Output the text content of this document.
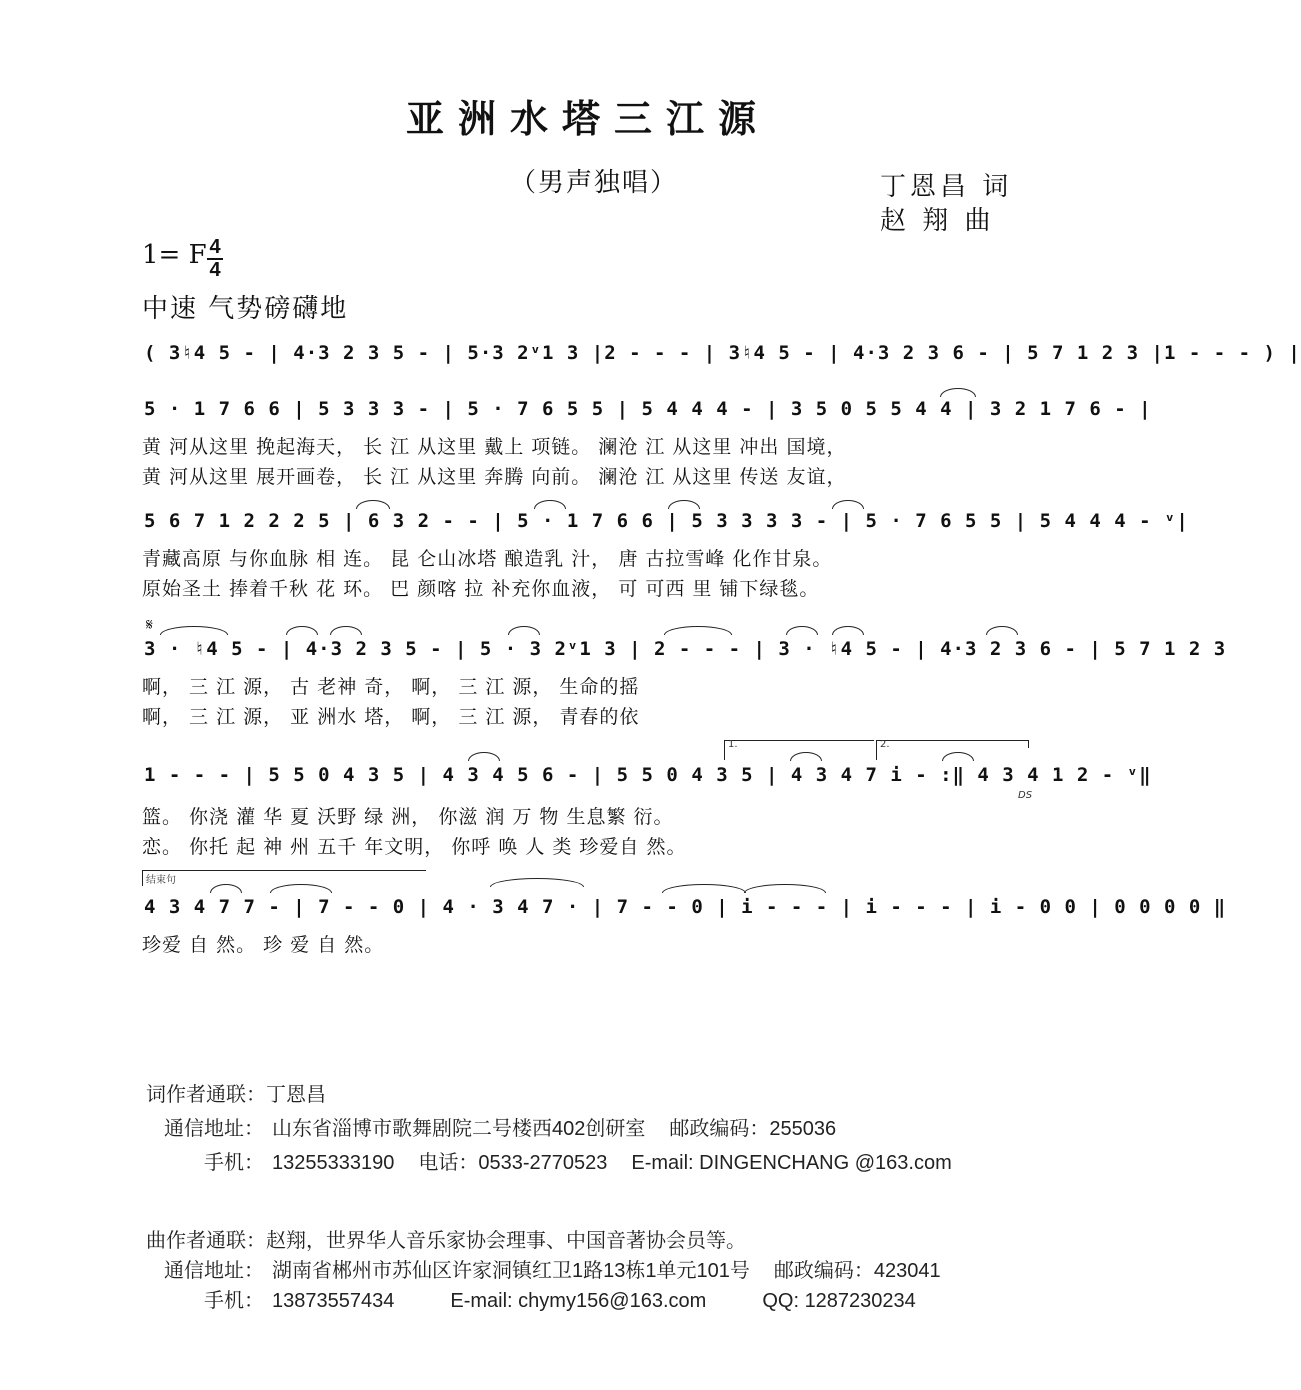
亚洲水塔三江源
（男声独唱）	丁恩昌 词
赵 翔 曲
1= F 4
4
中速 气势磅礴地
( 3♮4 5 - | 4·3 2 3 5 - | 5·3 2ᵛ1 3 |2 - - - | 3♮4 5 - | 4·3 2 3 6 - | 5 7 1 2 3 |1 - - - ) |
5 · 1 7 6 6 | 5 3 3 3 - | 5 · 7 6 5 5 | 5 4 4 4 - | 3 5 0 5 5 4 4 | 3 2 1 7 6 - |
黄 河从这里 挽起海天， 长 江 从这里 戴上 项链。 澜沧 江 从这里 冲出 国境，
黄 河从这里 展开画卷， 长 江 从这里 奔腾 向前。 澜沧 江 从这里 传送 友谊，
5 6 7 1 2 2 2 5 | 6 3 2 - - | 5 · 1 7 6 6 | 5 3 3 3 3 - | 5 · 7 6 5 5 | 5 4 4 4 - ᵛ|
青藏高原 与你血脉 相 连。 昆 仑山冰塔 酿造乳 汁， 唐 古拉雪峰 化作甘泉。
原始圣土 捧着千秋 花 环。 巴 颜喀 拉 补充你血液， 可 可西 里 铺下绿毯。
𝄋
3 · ♮4 5 - | 4·3 2 3 5 - | 5 · 3 2ᵛ1 3 | 2 - - - | 3 · ♮4 5 - | 4·3 2 3 6 - | 5 7 1 2 3
啊， 三 江 源， 古 老神 奇， 啊， 三 江 源， 生命的摇
啊， 三 江 源， 亚 洲水 塔， 啊， 三 江 源， 青春的依
1.	2.
1 - - - | 5 5 0 4 3 5 | 4 3 4 5 6 - | 5 5 0 4 3 5 | 4 3 4 7 i - :‖ 4 3 4 1 2 - ᵛ‖
DS
篮。 你浇 灌 华 夏 沃野 绿 洲， 你滋 润 万 物 生息繁 衍。
恋。 你托 起 神 州 五千 年文明， 你呼 唤 人 类 珍爱自 然。
结束句
4 3 4 7 7 - | 7 - - 0 | 4 · 3 4 7 · | 7 - - 0 | i - - - | i - - - | i - 0 0 | 0 0 0 0 ‖
珍爱 自 然。 珍 爱 自 然。
词作者通联：丁恩昌
通信地址： 山东省淄博市歌舞剧院二号楼西402创研室 邮政编码：255036
手机： 13255333190 电话：0533-2770523 E-mail: DINGENCHANG @163.com
曲作者通联：赵翔，世界华人音乐家协会理事、中国音著协会员等。
通信地址： 湖南省郴州市苏仙区许家洞镇红卫1路13栋1单元101号 邮政编码：423041
手机： 13873557434	E-mail: chymy156@163.com	QQ: 1287230234
